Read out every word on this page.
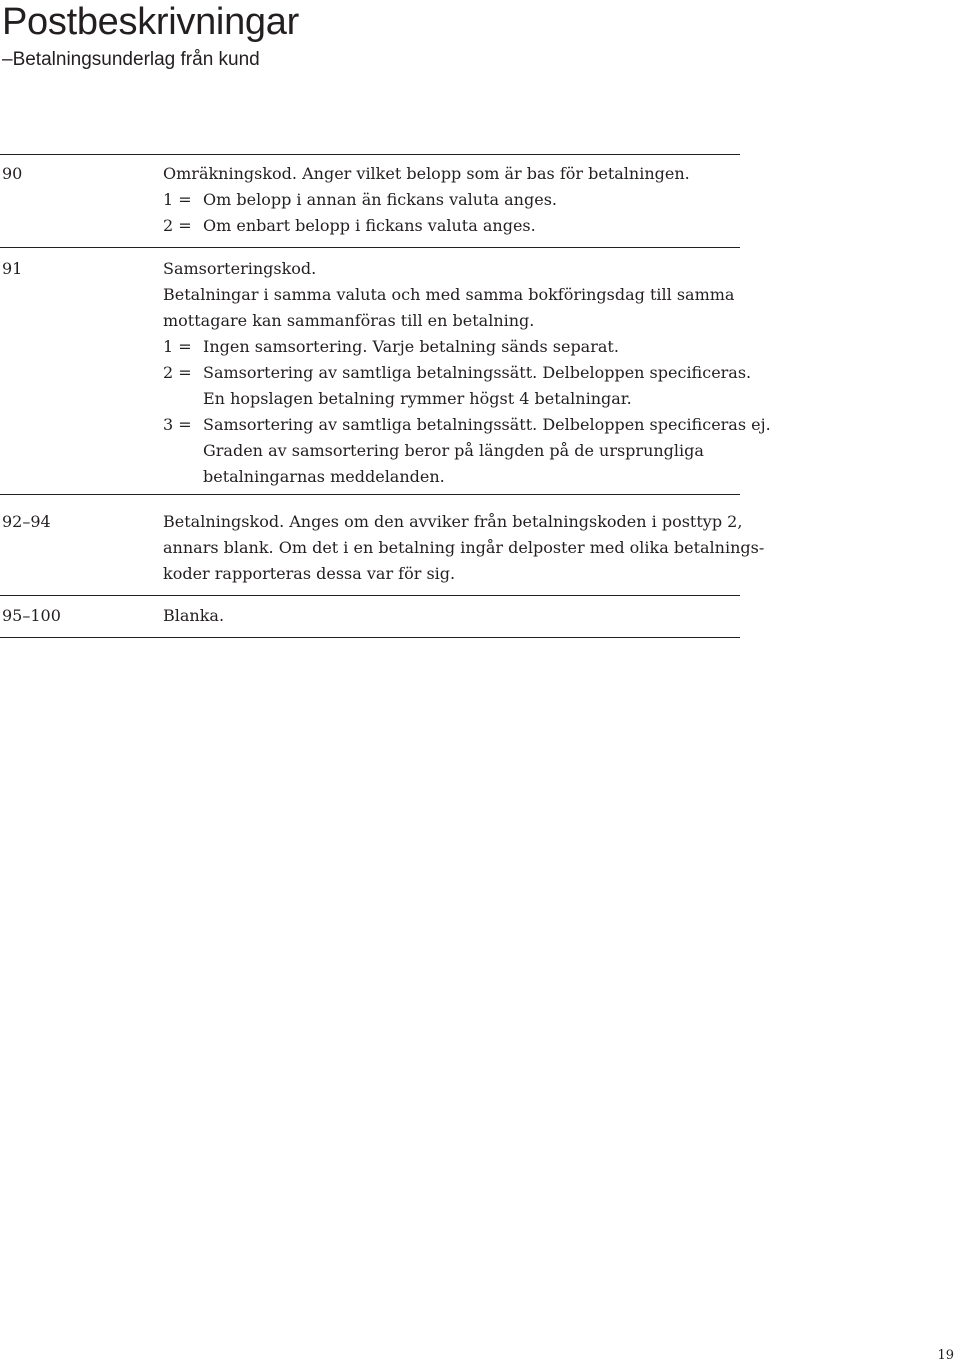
Postbeskrivningar
–Betalningsunderlag från kund
90	Omräkningskod. Anger vilket belopp som är bas för betalningen.
1 = Om belopp i annan än fickans valuta anges.
2 = Om enbart belopp i fickans valuta anges.
91	Samsorteringskod.
Betalningar i samma valuta och med samma bokföringsdag till samma
mottagare kan sammanföras till en betalning.
1 = Ingen samsortering. Varje betalning sänds separat.
2 = Samsortering av samtliga betalningssätt. Delbeloppen specificeras.
En hopslagen betalning rymmer högst 4 betalningar.
3 = Samsortering av samtliga betalningssätt. Delbeloppen specificeras ej.
Graden av samsortering beror på längden på de ursprungliga
betalningarnas meddelanden.
92–94	Betalningskod. Anges om den avviker från betalningskoden i posttyp 2,
annars blank. Om det i en betalning ingår delposter med olika betalnings-
koder rapporteras dessa var för sig.
95–100	Blanka.
19
